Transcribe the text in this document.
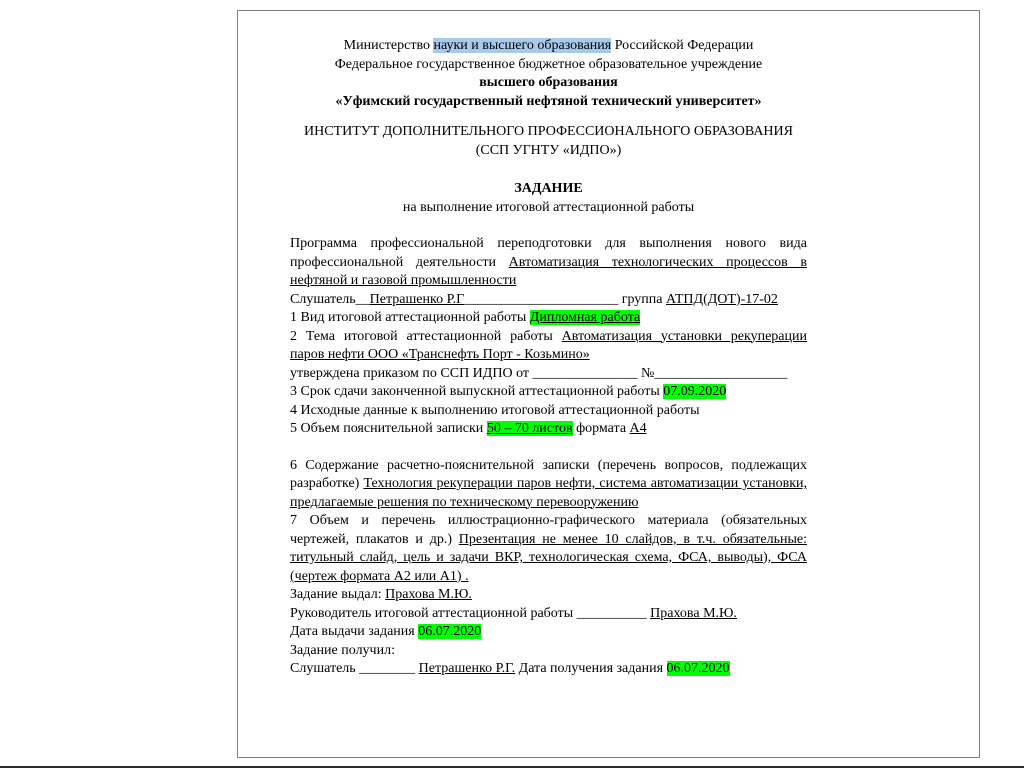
Министерство науки и высшего образования Российской Федерации

Федеральное государственное бюджетное образовательное учреждение

высшего образования

«Уфимский государственный нефтяной технический университет»

ИНСТИТУТ ДОПОЛНИТЕЛЬНОГО ПРОФЕССИОНАЛЬНОГО ОБРАЗОВАНИЯ

(ССП УГНТУ «ИДПО»)

ЗАДАНИЕ

на выполнение итоговой аттестационной работы

Программа профессиональной переподготовки для выполнения нового вида профессиональной деятельности Автоматизация технологических процессов в нефтяной и газовой промышленности

Слушатель__Петрашенко Р.Г______________________ группа АТПД(ДОТ)-17-02

1 Вид итоговой аттестационной работы Дипломная работа

2 Тема итоговой аттестационной работы Автоматизация установки рекуперации паров нефти ООО «Транснефть Порт - Козьмино»

утверждена приказом по ССП ИДПО от _______________ №___________________

3 Срок сдачи законченной выпускной аттестационной работы 07.09.2020

4 Исходные данные к выполнению итоговой аттестационной работы

5 Объем пояснительной записки 50 – 70 листов формата А4

6 Содержание расчетно-пояснительной записки (перечень вопросов, подлежащих разработке) Технология рекуперации паров нефти, система автоматизации установки, предлагаемые решения по техническому перевооружению

7 Объем и перечень иллюстрационно-графического материала (обязательных чертежей, плакатов и др.) Презентация не менее 10 слайдов, в т.ч. обязательные: титульный слайд, цель и задачи ВКР, технологическая схема, ФСА, выводы), ФСА (чертеж формата А2 или А1) .

Задание выдал: Прахова М.Ю.

Руководитель итоговой аттестационной работы __________ Прахова М.Ю.

Дата выдачи задания 06.07.2020

Задание получил:

Слушатель ________ Петрашенко Р.Г. Дата получения задания 06.07.2020
